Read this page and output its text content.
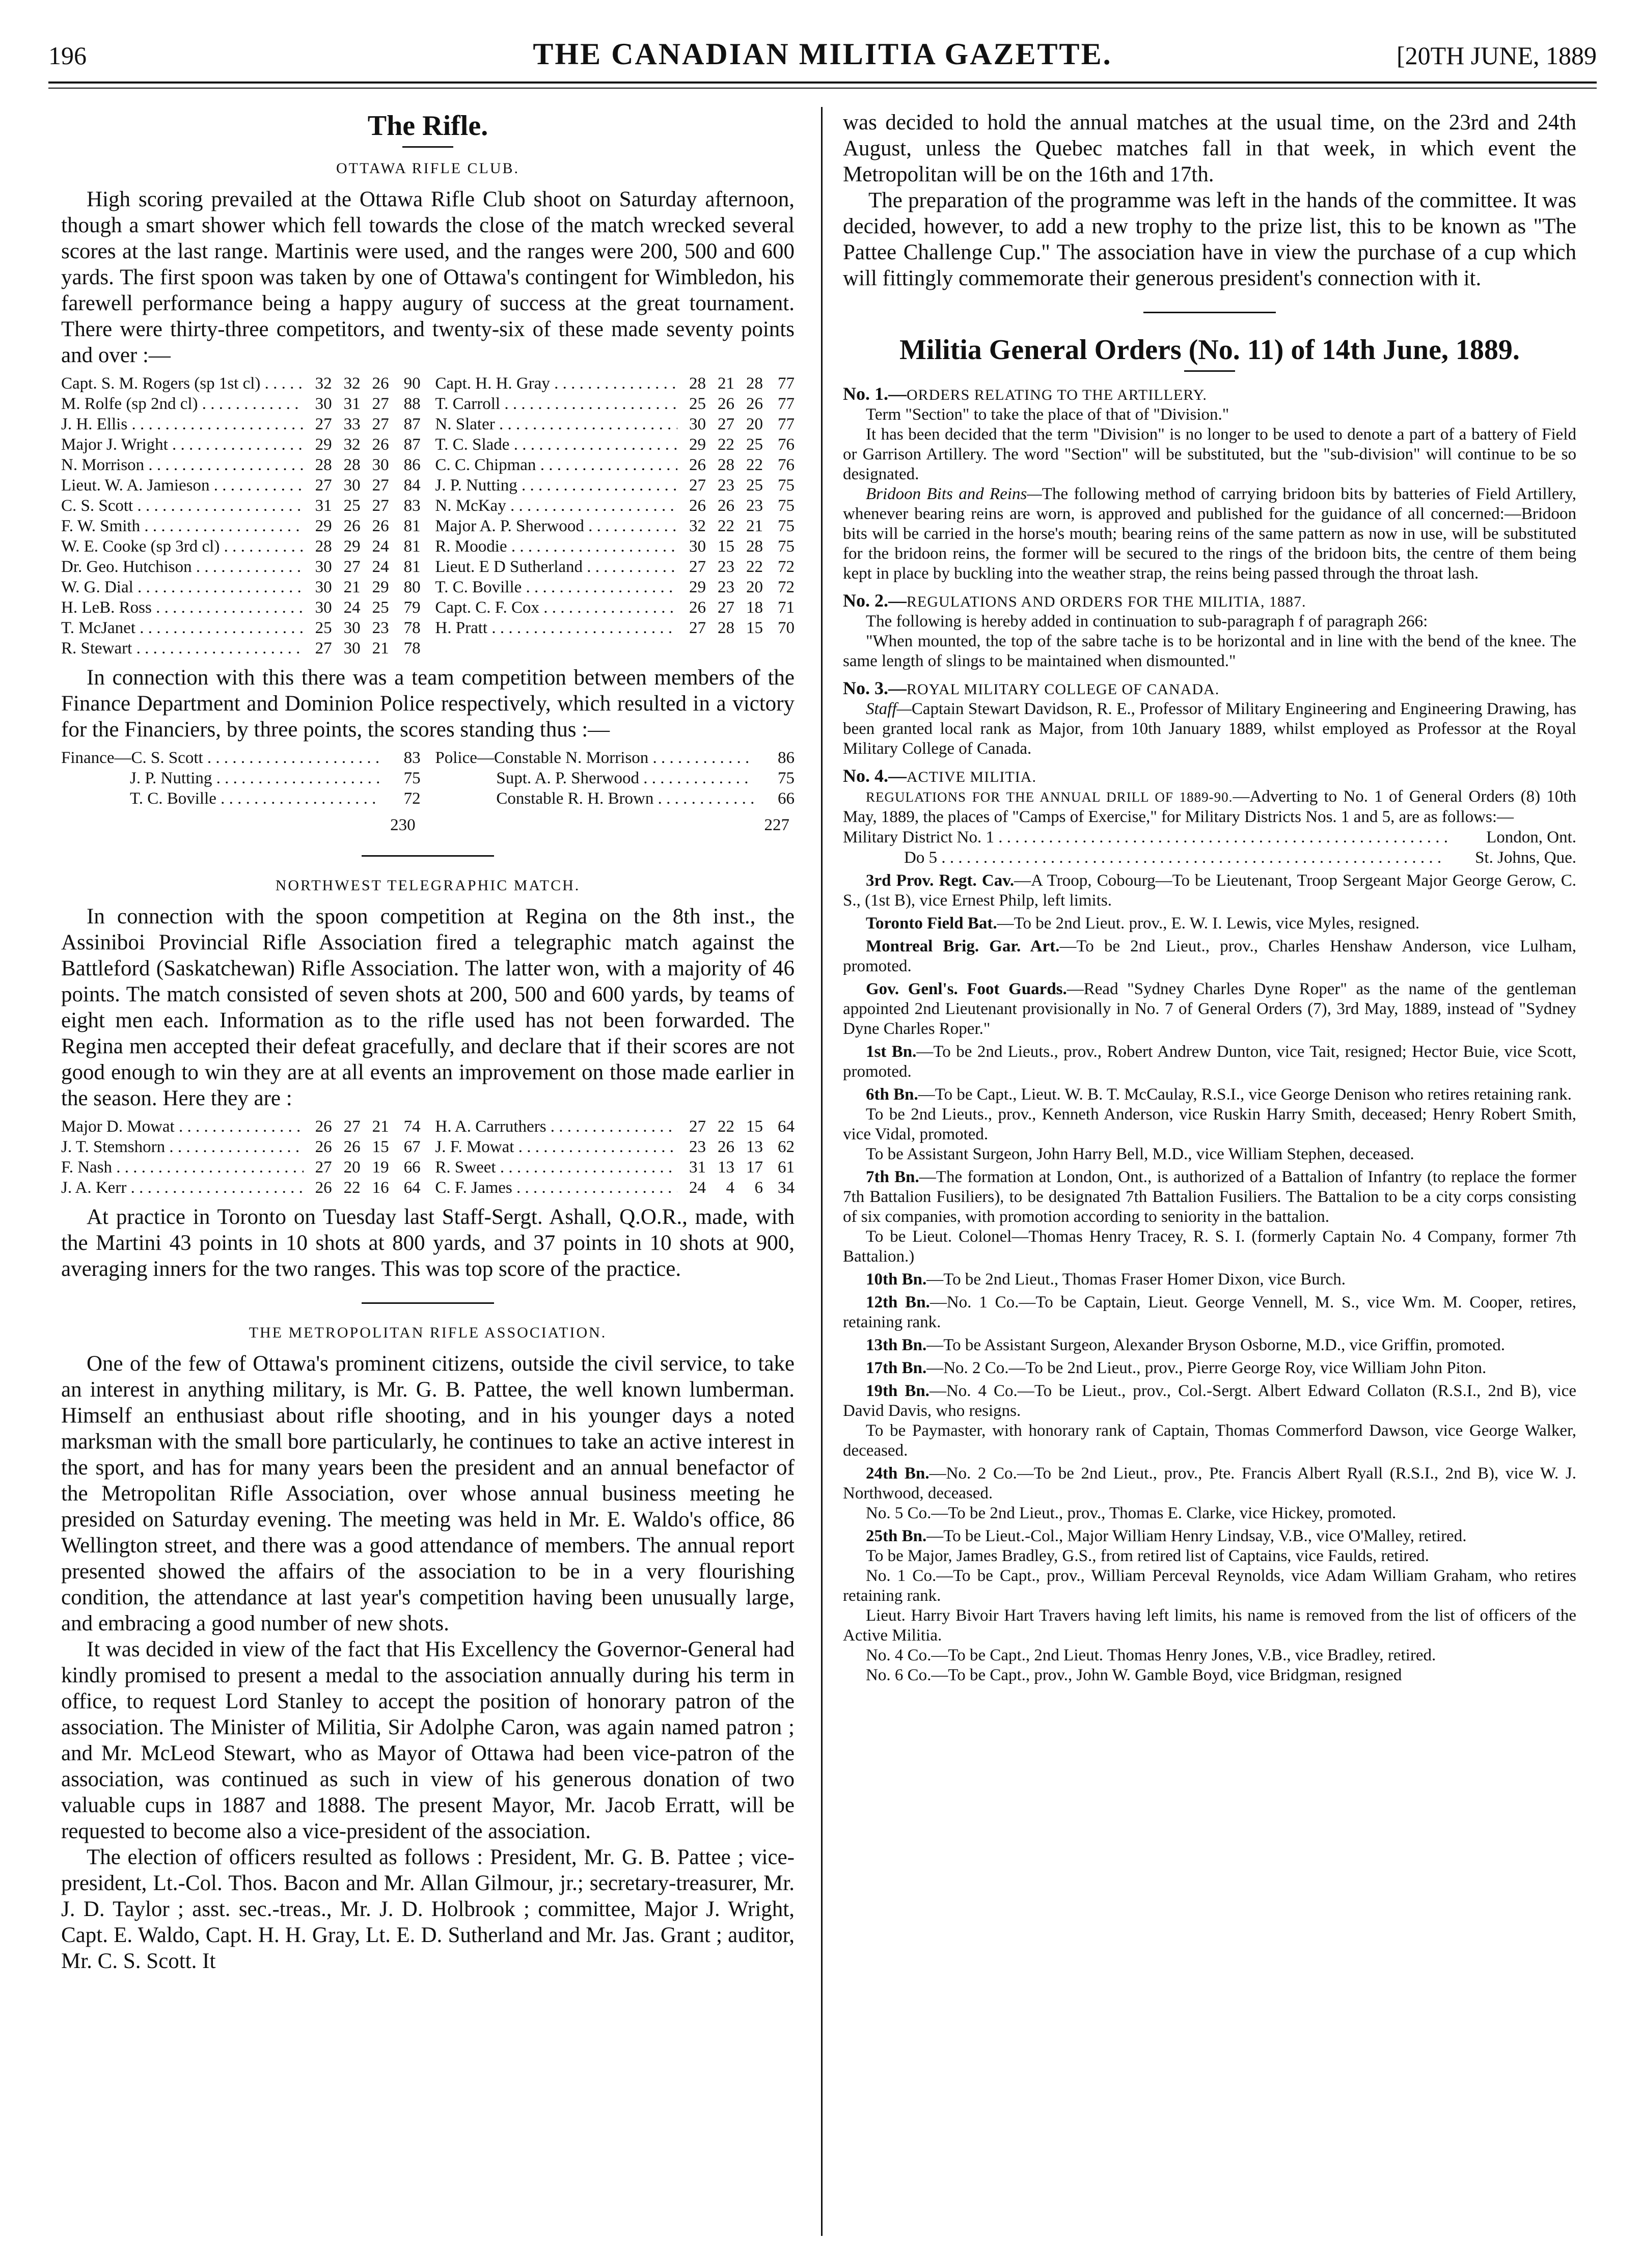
196	THE CANADIAN MILITIA GAZETTE.	[20TH JUNE, 1889
The Rifle.
OTTAWA RIFLE CLUB.

High scoring prevailed at the Ottawa Rifle Club shoot on Saturday afternoon, though a smart shower which fell towards the close of the match wrecked several scores at the last range. Martinis were used, and the ranges were 200, 500 and 600 yards. The first spoon was taken by one of Ottawa's contingent for Wimbledon, his farewell performance being a happy augury of success at the great tournament. There were thirty-three competitors, and twenty-six of these made seventy points and over :—

Capt. S. M. Rogers (sp 1st cl) . . .	32 32 26 90
M. Rolfe (sp 2nd cl) . . .	30 31 27 88
J. H. Ellis . . .	27 33 27 87
Major J. Wright . . .	29 32 26 87
N. Morrison . . .	28 28 30 86
Lieut. W. A. Jamieson . . .	27 30 27 84
C. S. Scott . . .	31 25 27 83
F. W. Smith . . .	29 26 26 81
W. E. Cooke (sp 3rd cl) . . .	28 29 24 81
Dr. Geo. Hutchison . . .	30 27 24 81
W. G. Dial . . .	30 21 29 80
H. LeB. Ross . . .	30 24 25 79
T. McJanet . . .	25 30 23 78
R. Stewart . . .	27 30 21 78
Capt. H. H. Gray . . .	28 21 28 77
T. Carroll . . .	25 26 26 77
N. Slater . . .	30 27 20 77
T. C. Slade . . .	29 22 25 76
C. C. Chipman . . .	26 28 22 76
J. P. Nutting . . .	27 23 25 75
N. McKay . . .	26 26 23 75
Major A. P. Sherwood . . .	32 22 21 75
R. Moodie . . .	30 15 28 75
Lieut. E D Sutherland . . .	27 23 22 72
T. C. Boville . . .	29 23 20 72
Capt. C. F. Cox . . .	26 27 18 71
H. Pratt . . .	27 28 15 70

In connection with this there was a team competition between members of the Finance Department and Dominion Police respectively, which resulted in a victory for the Financiers, by three points, the scores standing thus :—

Finance—C. S. Scott . . .	83
J. P. Nutting . . .	75
T. C. Boville . . .	72
Police—Constable N. Morrison . . .	86
Supt. A. P. Sherwood . . .	75
Constable R. H. Brown . . .	66
230	227
NORTHWEST TELEGRAPHIC MATCH.

In connection with the spoon competition at Regina on the 8th inst., the Assiniboi Provincial Rifle Association fired a telegraphic match against the Battleford (Saskatchewan) Rifle Association. The latter won, with a majority of 46 points. The match consisted of seven shots at 200, 500 and 600 yards, by teams of eight men each. Information as to the rifle used has not been forwarded. The Regina men accepted their defeat gracefully, and declare that if their scores are not good enough to win they are at all events an improvement on those made earlier in the season. Here they are :

Major D. Mowat . . .	26 27 21 74
J. T. Stemshorn . . .	26 26 15 67
F. Nash . . .	27 20 19 66
J. A. Kerr . . .	26 22 16 64
H. A. Carruthers . . .	27 22 15 64
J. F. Mowat . . .	23 26 13 62
R. Sweet . . .	31 13 17 61
C. F. James . . .	24	4	6 34

At practice in Toronto on Tuesday last Staff-Sergt. Ashall, Q.O.R., made, with the Martini 43 points in 10 shots at 800 yards, and 37 points in 10 shots at 900, averaging inners for the two ranges. This was top score of the practice.

THE METROPOLITAN RIFLE ASSOCIATION.

One of the few of Ottawa's prominent citizens, outside the civil service, to take an interest in anything military, is Mr. G. B. Pattee, the well known lumberman. Himself an enthusiast about rifle shooting, and in his younger days a noted marksman with the small bore particularly, he continues to take an active interest in the sport, and has for many years been the president and an annual benefactor of the Metropolitan Rifle Association, over whose annual business meeting he presided on Saturday evening. The meeting was held in Mr. E. Waldo's office, 86 Wellington street, and there was a good attendance of members. The annual report presented showed the affairs of the association to be in a very flourishing condition, the attendance at last year's competition having been unusually large, and embracing a good number of new shots.

It was decided in view of the fact that His Excellency the Governor-General had kindly promised to present a medal to the association annually during his term in office, to request Lord Stanley to accept the position of honorary patron of the association. The Minister of Militia, Sir Adolphe Caron, was again named patron ; and Mr. McLeod Stewart, who as Mayor of Ottawa had been vice-patron of the association, was continued as such in view of his generous donation of two valuable cups in 1887 and 1888. The present Mayor, Mr. Jacob Erratt, will be requested to become also a vice-president of the association.

The election of officers resulted as follows : President, Mr. G. B. Pattee ; vice-president, Lt.-Col. Thos. Bacon and Mr. Allan Gilmour, jr.; secretary-treasurer, Mr. J. D. Taylor ; asst. sec.-treas., Mr. J. D. Holbrook ; committee, Major J. Wright, Capt. E. Waldo, Capt. H. H. Gray, Lt. E. D. Sutherland and Mr. Jas. Grant ; auditor, Mr. C. S. Scott. It

was decided to hold the annual matches at the usual time, on the 23rd and 24th August, unless the Quebec matches fall in that week, in which event the Metropolitan will be on the 16th and 17th.

The preparation of the programme was left in the hands of the committee. It was decided, however, to add a new trophy to the prize list, this to be known as "The Pattee Challenge Cup." The association have in view the purchase of a cup which will fittingly commemorate their generous president's connection with it.

Militia General Orders (No. 11) of 14th June, 1889.
No. 1.—ORDERS RELATING TO THE ARTILLERY.

Term "Section" to take the place of that of "Division."

It has been decided that the term "Division" is no longer to be used to denote a part of a battery of Field or Garrison Artillery. The word "Section" will be substituted, but the "sub-division" will continue to be so designated.

Bridoon Bits and Reins—The following method of carrying bridoon bits by batteries of Field Artillery, whenever bearing reins are worn, is approved and published for the guidance of all concerned:—Bridoon bits will be carried in the horse's mouth; bearing reins of the same pattern as now in use, will be substituted for the bridoon reins, the former will be secured to the rings of the bridoon bits, the centre of them being kept in place by buckling into the weather strap, the reins being passed through the throat lash.

No. 2.—REGULATIONS AND ORDERS FOR THE MILITIA, 1887.

The following is hereby added in continuation to sub-paragraph f of paragraph 266:

"When mounted, the top of the sabre tache is to be horizontal and in line with the bend of the knee. The same length of slings to be maintained when dismounted."

No. 3.—ROYAL MILITARY COLLEGE OF CANADA.

Staff—Captain Stewart Davidson, R. E., Professor of Military Engineering and Engineering Drawing, has been granted local rank as Major, from 10th January 1889, whilst employed as Professor at the Royal Military College of Canada.

No. 4.—ACTIVE MILITIA.

REGULATIONS FOR THE ANNUAL DRILL OF 1889-90.—Adverting to No. 1 of General Orders (8) 10th May, 1889, the places of "Camps of Exercise," for Military Districts Nos. 1 and 5, are as follows:—

Military District No. 1 . . .	London, Ont.
Do 5 . . .	St. Johns, Que.

3rd Prov. Regt. Cav.—A Troop, Cobourg—To be Lieutenant, Troop Sergeant Major George Gerow, C. S., (1st B), vice Ernest Philp, left limits.

Toronto Field Bat.—To be 2nd Lieut. prov., E. W. I. Lewis, vice Myles, resigned.

Montreal Brig. Gar. Art.—To be 2nd Lieut., prov., Charles Henshaw Anderson, vice Lulham, promoted.

Gov. Genl's. Foot Guards.—Read "Sydney Charles Dyne Roper" as the name of the gentleman appointed 2nd Lieutenant provisionally in No. 7 of General Orders (7), 3rd May, 1889, instead of "Sydney Dyne Charles Roper."

1st Bn.—To be 2nd Lieuts., prov., Robert Andrew Dunton, vice Tait, resigned; Hector Buie, vice Scott, promoted.

6th Bn.—To be Capt., Lieut. W. B. T. McCaulay, R.S.I., vice George Denison who retires retaining rank.

To be 2nd Lieuts., prov., Kenneth Anderson, vice Ruskin Harry Smith, deceased; Henry Robert Smith, vice Vidal, promoted.

To be Assistant Surgeon, John Harry Bell, M.D., vice William Stephen, deceased.

7th Bn.—The formation at London, Ont., is authorized of a Battalion of Infantry (to replace the former 7th Battalion Fusiliers), to be designated 7th Battalion Fusiliers. The Battalion to be a city corps consisting of six companies, with promotion according to seniority in the battalion.

To be Lieut. Colonel—Thomas Henry Tracey, R. S. I. (formerly Captain No. 4 Company, former 7th Battalion.)

10th Bn.—To be 2nd Lieut., Thomas Fraser Homer Dixon, vice Burch.

12th Bn.—No. 1 Co.—To be Captain, Lieut. George Vennell, M. S., vice Wm. M. Cooper, retires, retaining rank.

13th Bn.—To be Assistant Surgeon, Alexander Bryson Osborne, M.D., vice Griffin, promoted.

17th Bn.—No. 2 Co.—To be 2nd Lieut., prov., Pierre George Roy, vice William John Piton.

19th Bn.—No. 4 Co.—To be Lieut., prov., Col.-Sergt. Albert Edward Collaton (R.S.I., 2nd B), vice David Davis, who resigns.

To be Paymaster, with honorary rank of Captain, Thomas Commerford Dawson, vice George Walker, deceased.

24th Bn.—No. 2 Co.—To be 2nd Lieut., prov., Pte. Francis Albert Ryall (R.S.I., 2nd B), vice W. J. Northwood, deceased.

No. 5 Co.—To be 2nd Lieut., prov., Thomas E. Clarke, vice Hickey, promoted.

25th Bn.—To be Lieut.-Col., Major William Henry Lindsay, V.B., vice O'Malley, retired.

To be Major, James Bradley, G.S., from retired list of Captains, vice Faulds, retired.

No. 1 Co.—To be Capt., prov., William Perceval Reynolds, vice Adam William Graham, who retires retaining rank.

Lieut. Harry Bivoir Hart Travers having left limits, his name is removed from the list of officers of the Active Militia.

No. 4 Co.—To be Capt., 2nd Lieut. Thomas Henry Jones, V.B., vice Bradley, retired.

No. 6 Co.—To be Capt., prov., John W. Gamble Boyd, vice Bridgman, resigned
